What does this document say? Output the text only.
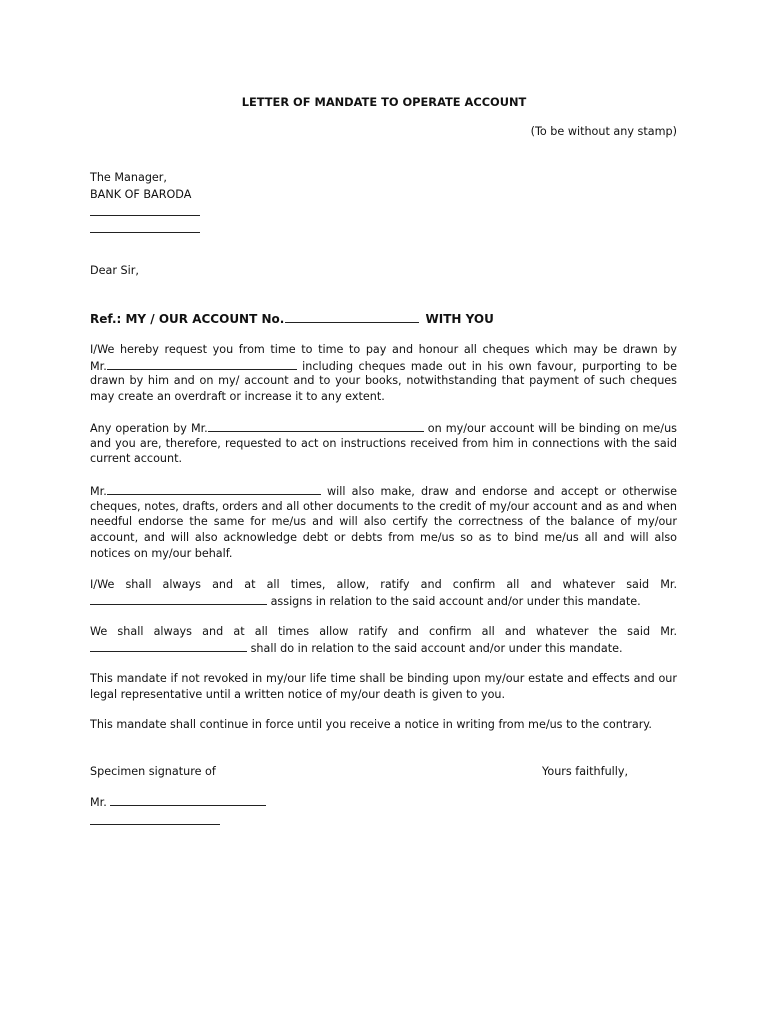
LETTER OF MANDATE TO OPERATE ACCOUNT
(To be without any stamp)
The Manager,
BANK OF BARODA
Dear Sir,
Ref.: MY / OUR ACCOUNT No.	WITH YOU
I/We hereby request you from time to time to pay and honour all cheques which may be drawn by
Mr.	including cheques made out in his own favour, purporting to be
drawn by him and on my/ account and to your books, notwithstanding that payment of such cheques
may create an overdraft or increase it to any extent.
Any operation by Mr.	on my/our account will be binding on me/us
and you are, therefore, requested to act on instructions received from him in connections with the said
current account.
Mr.	will also make, draw and endorse and accept or otherwise
cheques, notes, drafts, orders and all other documents to the credit of my/our account and as and when
needful endorse the same for me/us and will also certify the correctness of the balance of my/our
account, and will also acknowledge debt or debts from me/us so as to bind me/us all and will also
notices on my/our behalf.
I/We shall always and at all times, allow, ratify and confirm all and whatever said Mr.
assigns in relation to the said account and/or under this mandate.
We shall always and at all times allow ratify and confirm all and whatever the said Mr.
shall do in relation to the said account and/or under this mandate.
This mandate if not revoked in my/our life time shall be binding upon my/our estate and effects and our
legal representative until a written notice of my/our death is given to you.
This mandate shall continue in force until you receive a notice in writing from me/us to the contrary.
Specimen signature of	Yours faithfully,
Mr.
